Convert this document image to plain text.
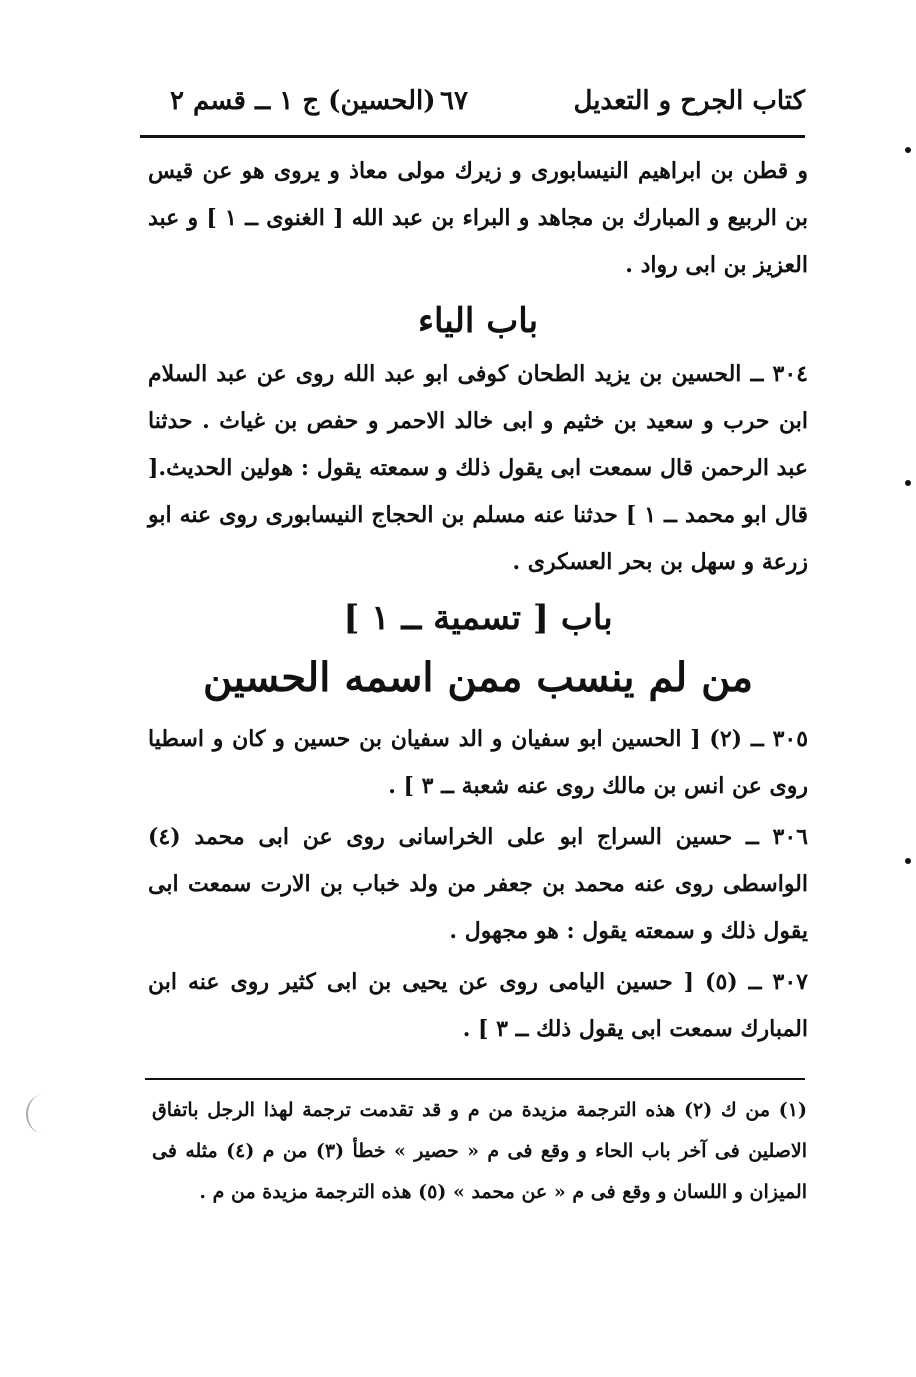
كتاب الجرح و التعديل
٦٧
(الحسين) ج ١ ــ قسم ٢

و قطن بن ابراهيم النيسابورى و زيرك مولى معاذ و يروى هو عن قيس بن الربيع و المبارك بن مجاهد و البراء بن عبد الله [ الغنوى ــ ١ ] و عبد العزيز بن ابى رواد .

باب الياء

٣٠٤ ــ الحسين بن يزيد الطحان كوفى ابو عبد الله روى عن عبد السلام ابن حرب و سعيد بن خثيم و ابى خالد الاحمر و حفص بن غياث . حدثنا عبد الرحمن قال سمعت ابى يقول ذلك و سمعته يقول : هولين الحديث.[ قال ابو محمد ــ ١ ] حدثنا عنه مسلم بن الحجاج النيسابورى روى عنه ابو زرعة و سهل بن بحر العسكرى .

باب [ تسمية ــ ١ ]
من لم ينسب ممن اسمه الحسين

٣٠٥ ــ (٢) [ الحسين ابو سفيان و الد سفيان بن حسين و كان و اسطيا روى عن انس بن مالك روى عنه شعبة ــ ٣ ] .

٣٠٦ ــ حسين السراج ابو على الخراسانى روى عن ابى محمد (٤) الواسطى روى عنه محمد بن جعفر من ولد خباب بن الارت سمعت ابى يقول ذلك و سمعته يقول : هو مجهول .

٣٠٧ ــ (٥) [ حسين اليامى روى عن يحيى بن ابى كثير روى عنه ابن المبارك سمعت ابى يقول ذلك ــ ٣ ] .

(١) من ك (٢) هذه الترجمة مزيدة من م و قد تقدمت ترجمة لهذا الرجل باتفاق الاصلين فى آخر باب الحاء و وقع فى م « حصير » خطأ (٣) من م (٤) مثله فى الميزان و اللسان و وقع فى م « عن محمد » (٥) هذه الترجمة مزيدة من م .
